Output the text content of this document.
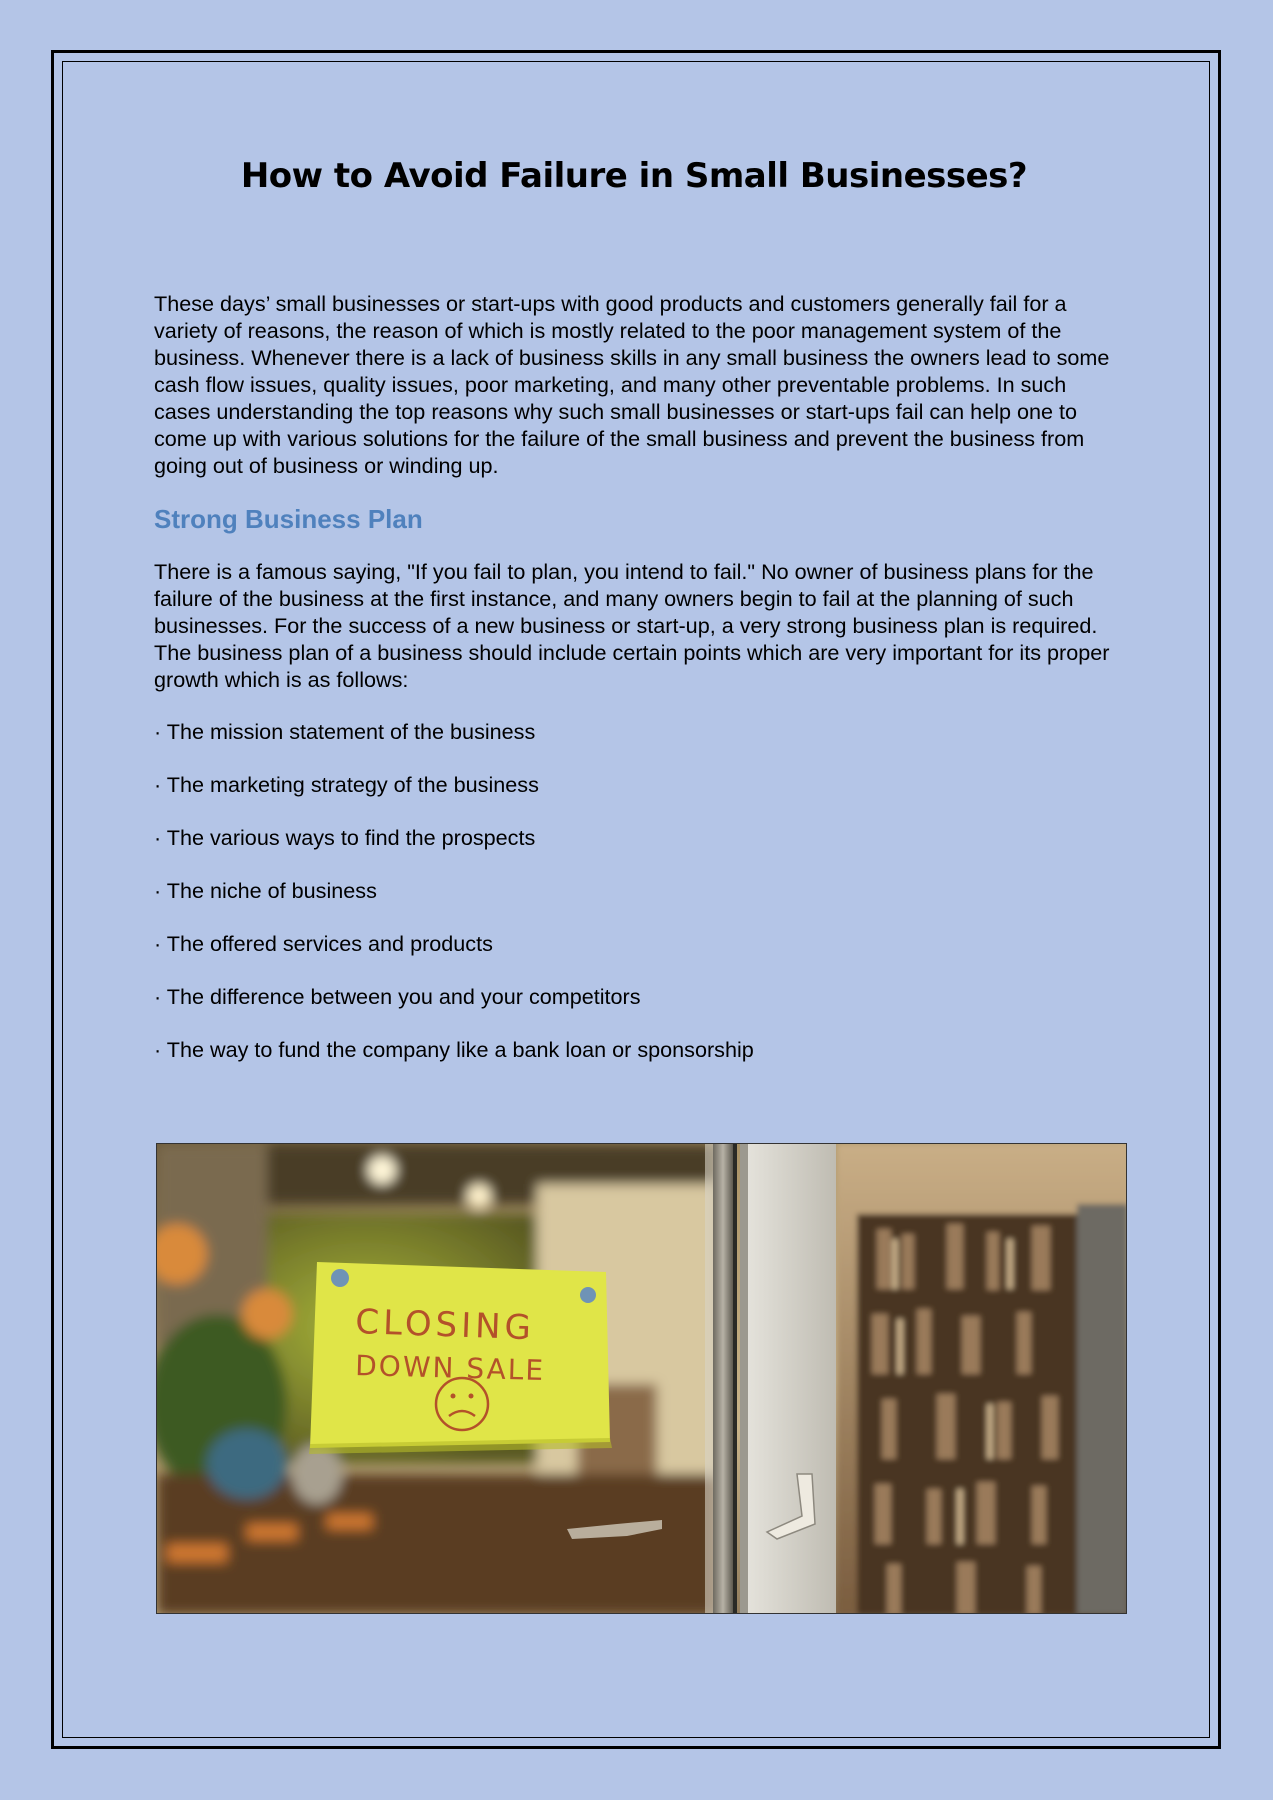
How to Avoid Failure in Small Businesses?

These days’ small businesses or start-ups with good products and customers generally fail for a variety of reasons, the reason of which is mostly related to the poor management system of the business. Whenever there is a lack of business skills in any small business the owners lead to some cash flow issues, quality issues, poor marketing, and many other preventable problems. In such cases understanding the top reasons why such small businesses or start-ups fail can help one to come up with various solutions for the failure of the small business and prevent the business from going out of business or winding up.

Strong Business Plan

There is a famous saying, "If you fail to plan, you intend to fail." No owner of business plans for the failure of the business at the first instance, and many owners begin to fail at the planning of such businesses. For the success of a new business or start-up, a very strong business plan is required. The business plan of a business should include certain points which are very important for its proper growth which is as follows:

· The mission statement of the business
· The marketing strategy of the business
· The various ways to find the prospects
· The niche of business
· The offered services and products
· The difference between you and your competitors
· The way to fund the company like a bank loan or sponsorship
CLOSING
DOWN SALE
